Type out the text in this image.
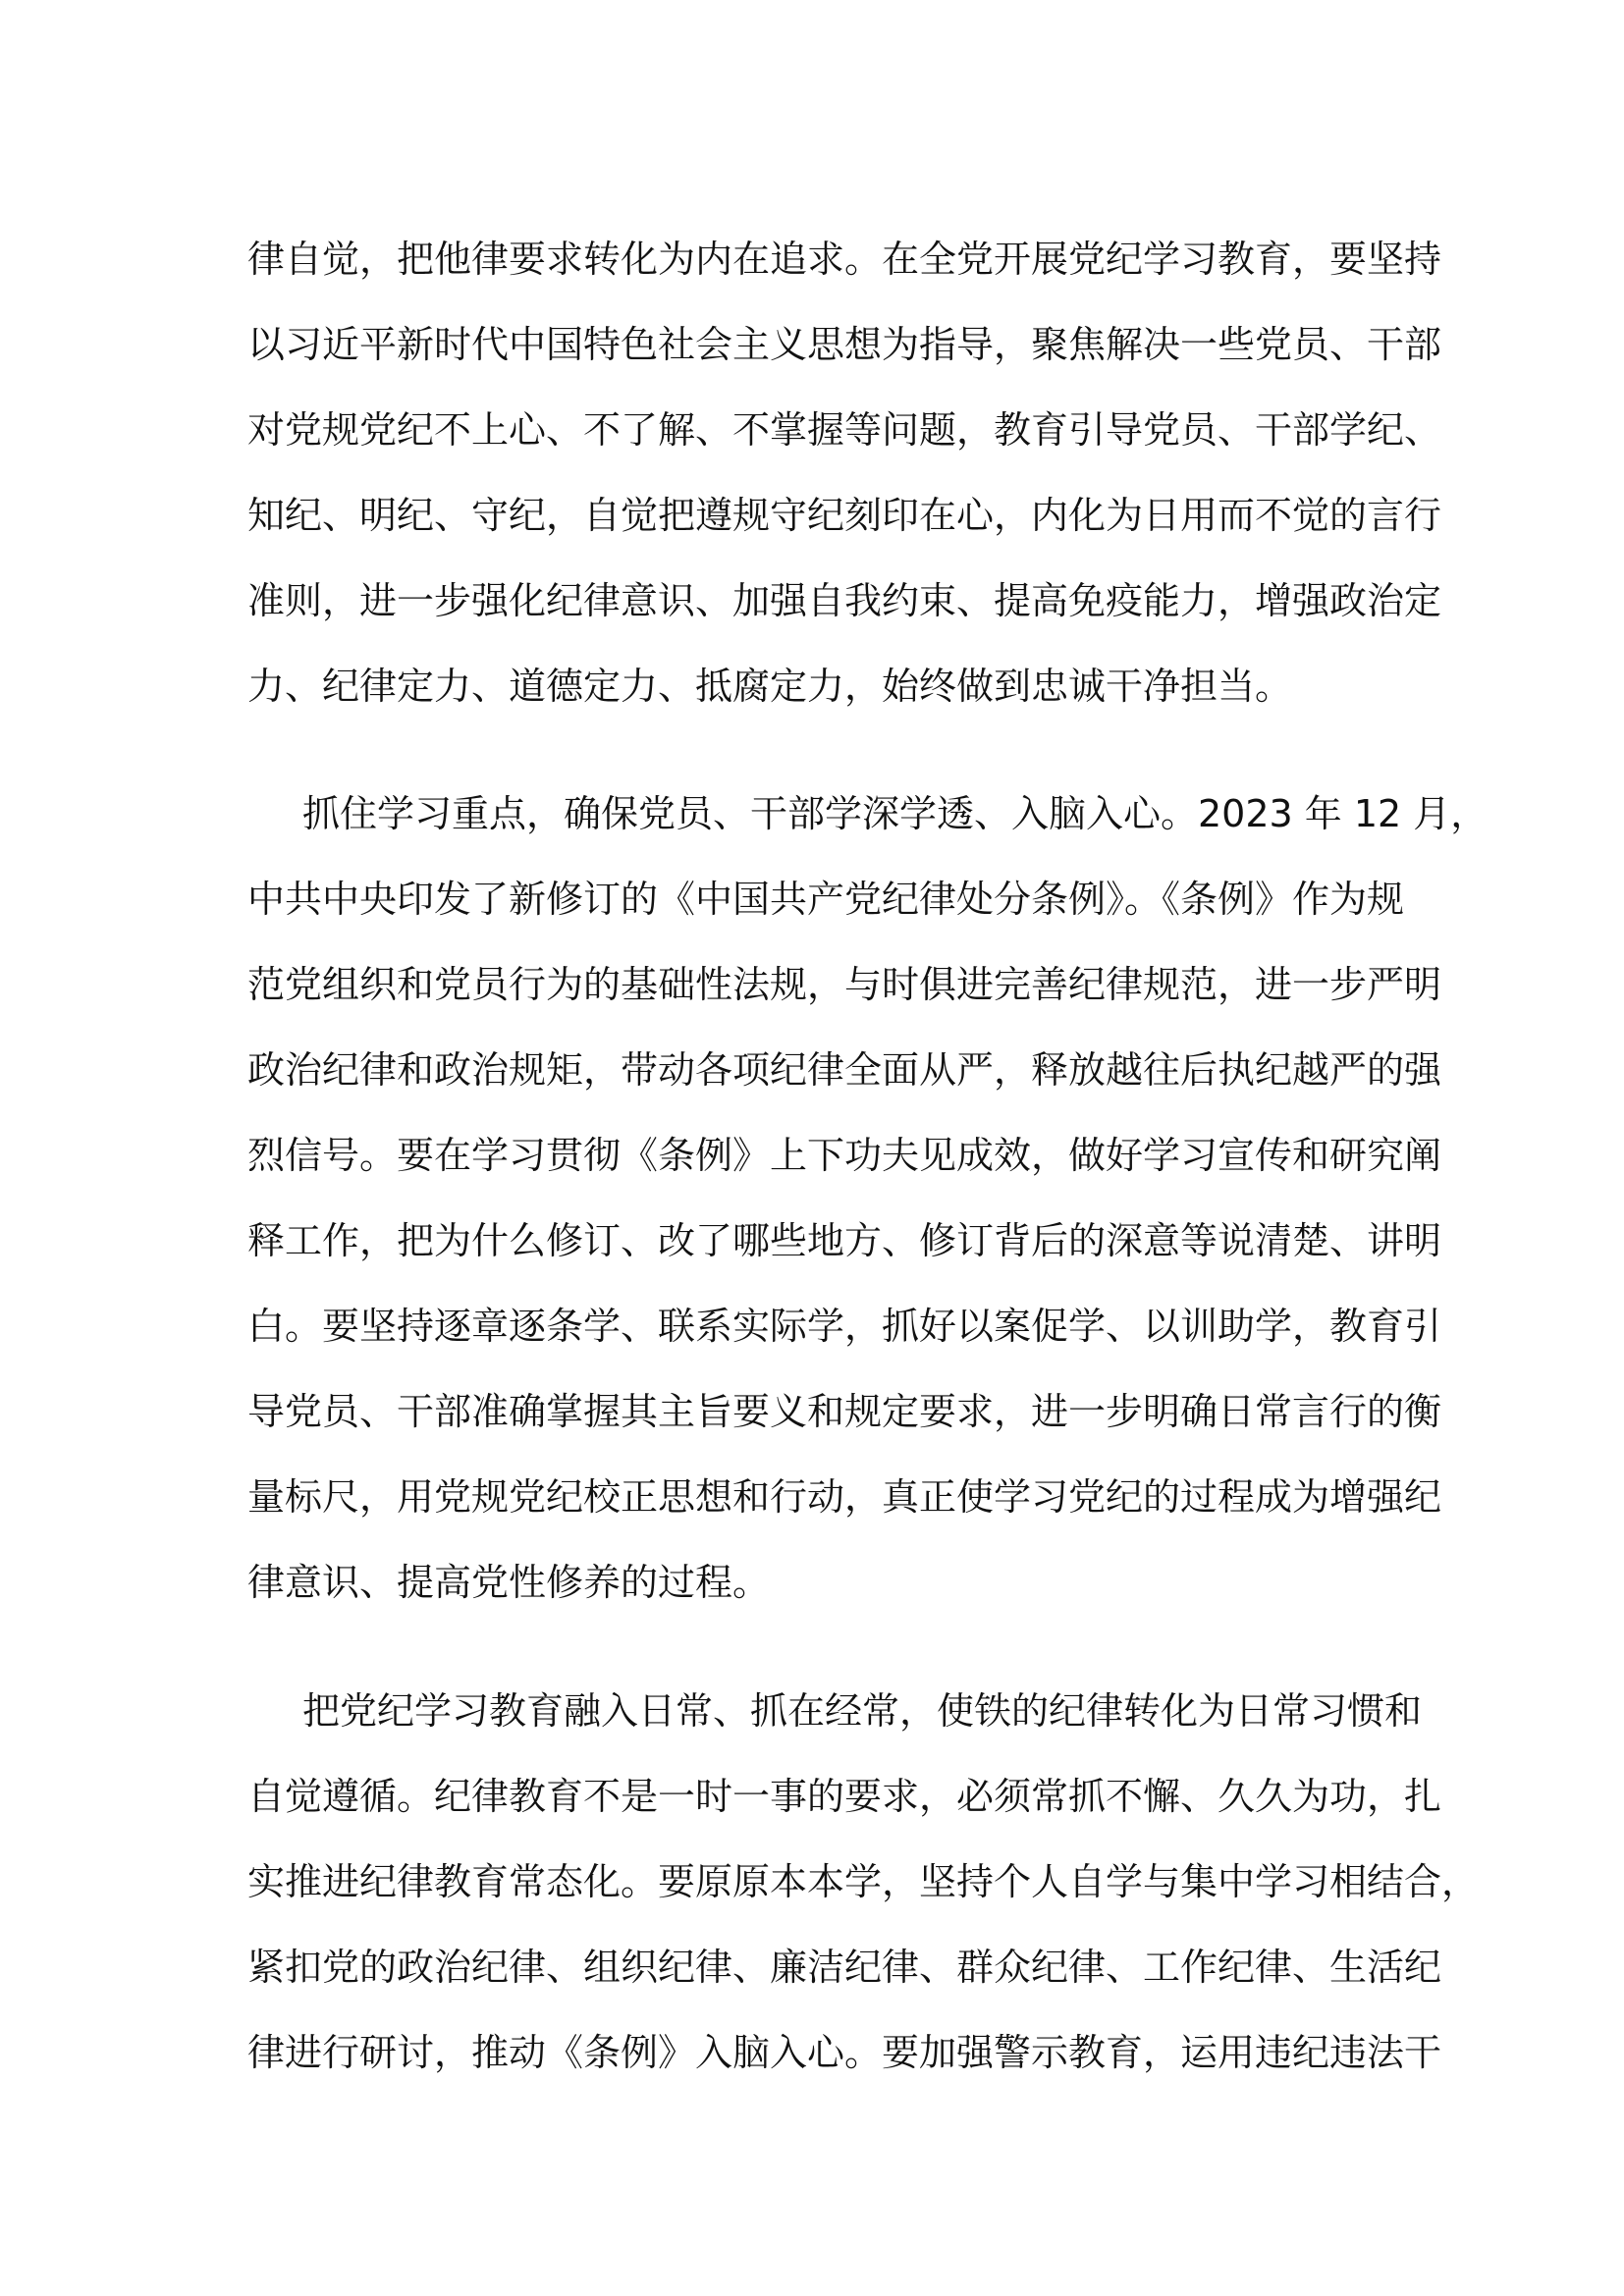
律自觉，把他律要求转化为内在追求。在全党开展党纪学习教育，要坚持
以习近平新时代中国特色社会主义思想为指导，聚焦解决一些党员、干部
对党规党纪不上心、不了解、不掌握等问题，教育引导党员、干部学纪、
知纪、明纪、守纪，自觉把遵规守纪刻印在心，内化为日用而不觉的言行
准则，进一步强化纪律意识、加强自我约束、提高免疫能力，增强政治定
力、纪律定力、道德定力、抵腐定力，始终做到忠诚干净担当。
抓住学习重点，确保党员、干部学深学透、入脑入心。2023 年 12 月，
中共中央印发了新修订的《中国共产党纪律处分条例》。《条例》作为规
范党组织和党员行为的基础性法规，与时俱进完善纪律规范，进一步严明
政治纪律和政治规矩，带动各项纪律全面从严，释放越往后执纪越严的强
烈信号。要在学习贯彻《条例》上下功夫见成效，做好学习宣传和研究阐
释工作，把为什么修订、改了哪些地方、修订背后的深意等说清楚、讲明
白。要坚持逐章逐条学、联系实际学，抓好以案促学、以训助学，教育引
导党员、干部准确掌握其主旨要义和规定要求，进一步明确日常言行的衡
量标尺，用党规党纪校正思想和行动，真正使学习党纪的过程成为增强纪
律意识、提高党性修养的过程。
把党纪学习教育融入日常、抓在经常，使铁的纪律转化为日常习惯和
自觉遵循。纪律教育不是一时一事的要求，必须常抓不懈、久久为功，扎
实推进纪律教育常态化。要原原本本学，坚持个人自学与集中学习相结合，
紧扣党的政治纪律、组织纪律、廉洁纪律、群众纪律、工作纪律、生活纪
律进行研讨，推动《条例》入脑入心。要加强警示教育，运用违纪违法干
